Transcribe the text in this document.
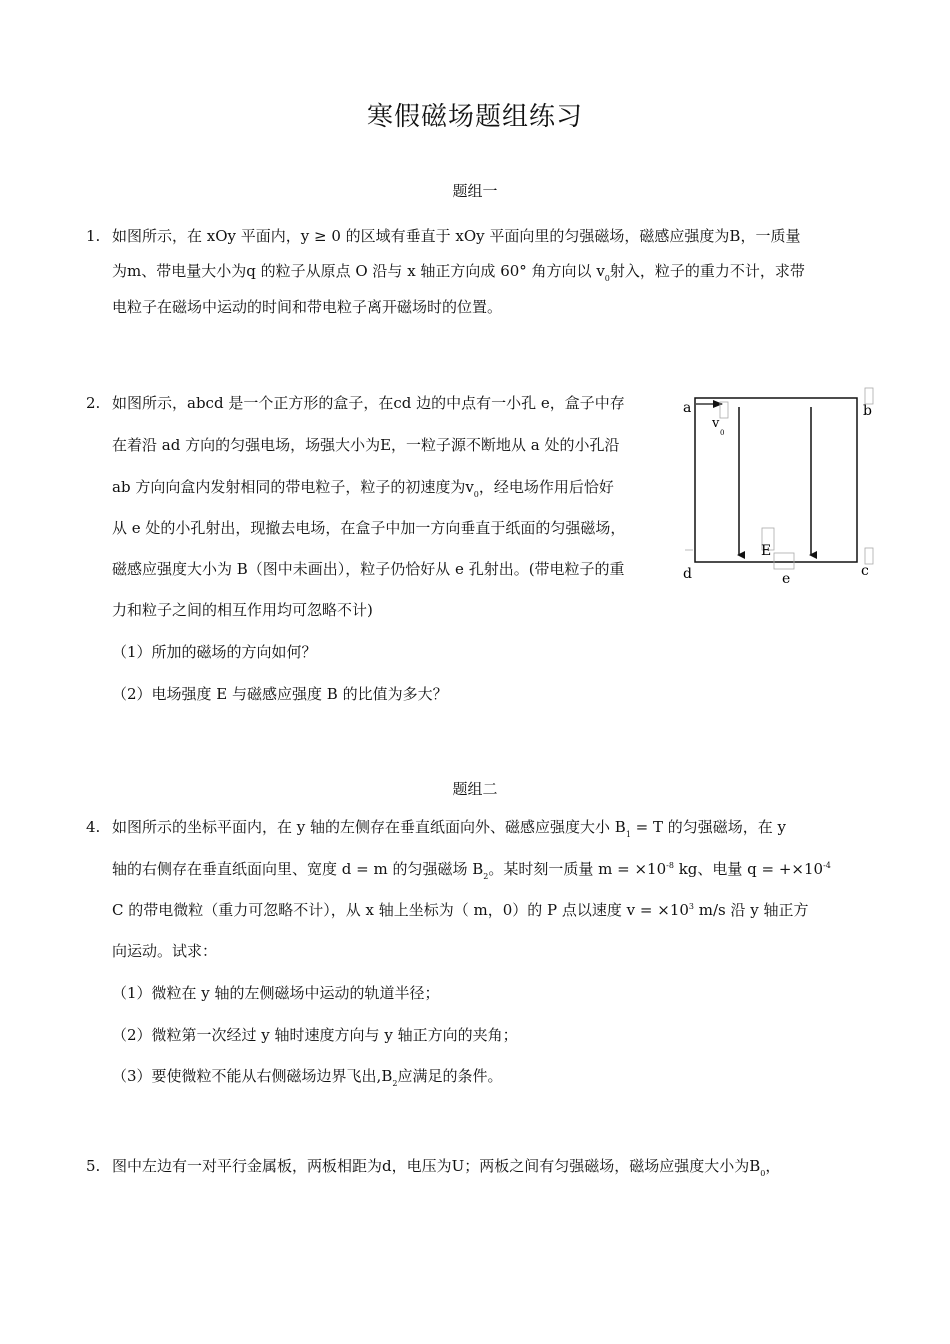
寒假磁场题组练习
题组一
1. 如图所示，在 xOy 平面内，y ≥ 0 的区域有垂直于 xOy 平面向里的匀强磁场，磁感应强度为B，一质量
为m、带电量大小为q 的粒子从原点 O 沿与 x 轴正方向成 60° 角方向以 $v_0$射入，粒子的重力不计，求带
电粒子在磁场中运动的时间和带电粒子离开磁场时的位置。
2. 如图所示，abcd 是一个正方形的盒子，在cd 边的中点有一小孔 e，盒子中存
在着沿 ad 方向的匀强电场，场强大小为E，一粒子源不断地从 a 处的小孔沿
ab 方向向盒内发射相同的带电粒子，粒子的初速度为$v_0$，经电场作用后恰好
从 e 处的小孔射出，现撤去电场，在盒子中加一方向垂直于纸面的匀强磁场，
磁感应强度大小为 B（图中未画出），粒子仍恰好从 e 孔射出。(带电粒子的重
力和粒子之间的相互作用均可忽略不计)
（1）所加的磁场的方向如何？
（2）电场强度 E 与磁感应强度 B 的比值为多大？
a	b
d	c
e
E
v
0
题组二
4. 如图所示的坐标平面内，在 y 轴的左侧存在垂直纸面向外、磁感应强度大小 $B_1 = T$ 的匀强磁场，在 y
轴的右侧存在垂直纸面向里、宽度 d = m 的匀强磁场 $B_2$。某时刻一质量 $m = \times 10^{-8}$ kg、电量 $q = +\times 10^{-4}$
C 的带电微粒（重力可忽略不计），从 x 轴上坐标为（ m，0）的 P 点以速度 $v = \times 10^3$ m/s 沿 y 轴正方
向运动。试求：
（1）微粒在 y 轴的左侧磁场中运动的轨道半径；
（2）微粒第一次经过 y 轴时速度方向与 y 轴正方向的夹角；
（3）要使微粒不能从右侧磁场边界飞出$,B_2$应满足的条件。
5. 图中左边有一对平行金属板，两板相距为d，电压为U；两板之间有匀强磁场，磁场应强度大小为$B_0$，
